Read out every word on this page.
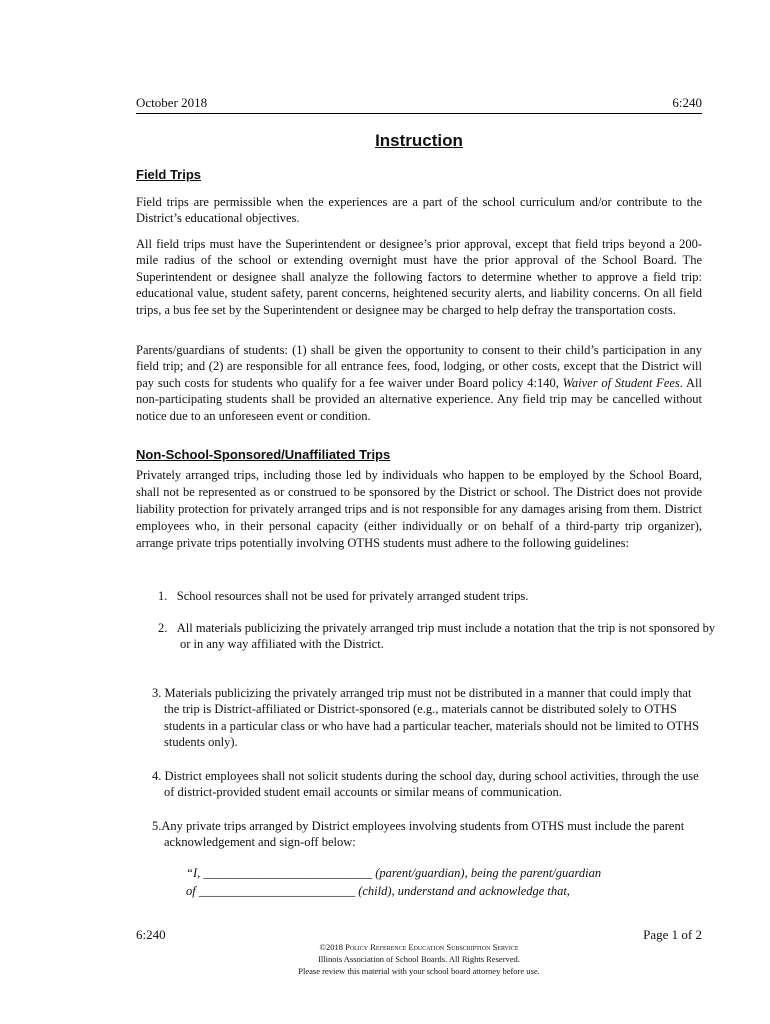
October 2018	6:240
Instruction
Field Trips

Field trips are permissible when the experiences are a part of the school curriculum and/or contribute to the District’s educational objectives.

All field trips must have the Superintendent or designee’s prior approval, except that field trips beyond a 200-mile radius of the school or extending overnight must have the prior approval of the School Board. The Superintendent or designee shall analyze the following factors to determine whether to approve a field trip: educational value, student safety, parent concerns, heightened security alerts, and liability concerns. On all field trips, a bus fee set by the Superintendent or designee may be charged to help defray the transportation costs.

Parents/guardians of students: (1) shall be given the opportunity to consent to their child’s participation in any field trip; and (2) are responsible for all entrance fees, food, lodging, or other costs, except that the District will pay such costs for students who qualify for a fee waiver under Board policy 4:140, Waiver of Student Fees. All non-participating students shall be provided an alternative experience. Any field trip may be cancelled without notice due to an unforeseen event or condition.

Non-School-Sponsored/Unaffiliated Trips

Privately arranged trips, including those led by individuals who happen to be employed by the School Board, shall not be represented as or construed to be sponsored by the District or school. The District does not provide liability protection for privately arranged trips and is not responsible for any damages arising from them. District employees who, in their personal capacity (either individually or on behalf of a third-party trip organizer), arrange private trips potentially involving OTHS students must adhere to the following guidelines:

1. School resources shall not be used for privately arranged student trips.

2. All materials publicizing the privately arranged trip must include a notation that the trip is not sponsored by or in any way affiliated with the District.

3. Materials publicizing the privately arranged trip must not be distributed in a manner that could imply that the trip is District-affiliated or District-sponsored (e.g., materials cannot be distributed solely to OTHS students in a particular class or who have had a particular teacher, materials should not be limited to OTHS students only).

4. District employees shall not solicit students during the school day, during school activities, through the use of district-provided student email accounts or similar means of communication.

5.Any private trips arranged by District employees involving students from OTHS must include the parent acknowledgement and sign-off below:

“I, ___________________________ (parent/guardian), being the parent/guardian

of _________________________ (child), understand and acknowledge that,

6:240	Page 1 of 2

©2018 Policy Reference Education Subscription Service

Illinois Association of School Boards. All Rights Reserved.

Please review this material with your school board attorney before use.
